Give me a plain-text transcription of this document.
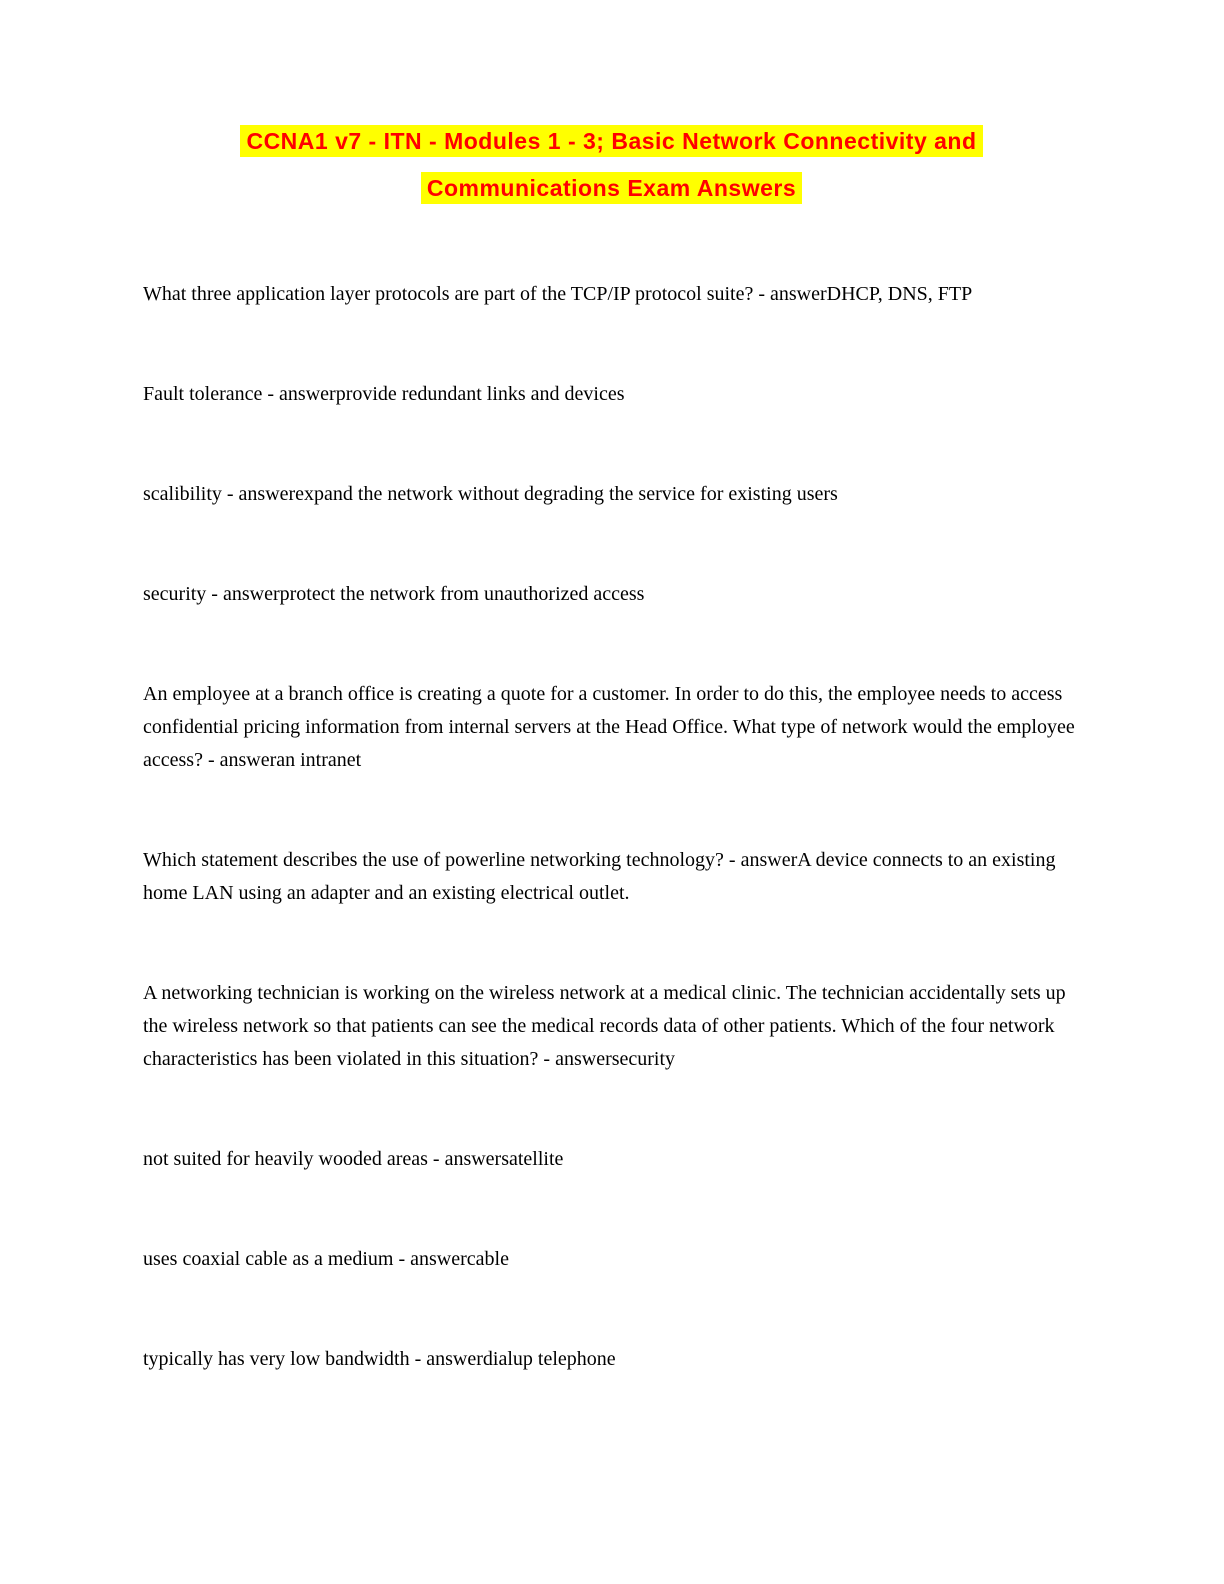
CCNA1 v7 - ITN - Modules 1 - 3; Basic Network Connectivity and
Communications Exam Answers

What three application layer protocols are part of the TCP/IP protocol suite? - answerDHCP, DNS, FTP

Fault tolerance - answerprovide redundant links and devices

scalibility - answerexpand the network without degrading the service for existing users

security - answerprotect the network from unauthorized access

An employee at a branch office is creating a quote for a customer. In order to do this, the employee needs to access confidential pricing information from internal servers at the Head Office. What type of network would the employee access? - answeran intranet

Which statement describes the use of powerline networking technology? - answerA device connects to an existing home LAN using an adapter and an existing electrical outlet.

A networking technician is working on the wireless network at a medical clinic. The technician accidentally sets up the wireless network so that patients can see the medical records data of other patients. Which of the four network characteristics has been violated in this situation? - answersecurity

not suited for heavily wooded areas - answersatellite

uses coaxial cable as a medium - answercable

typically has very low bandwidth - answerdialup telephone
